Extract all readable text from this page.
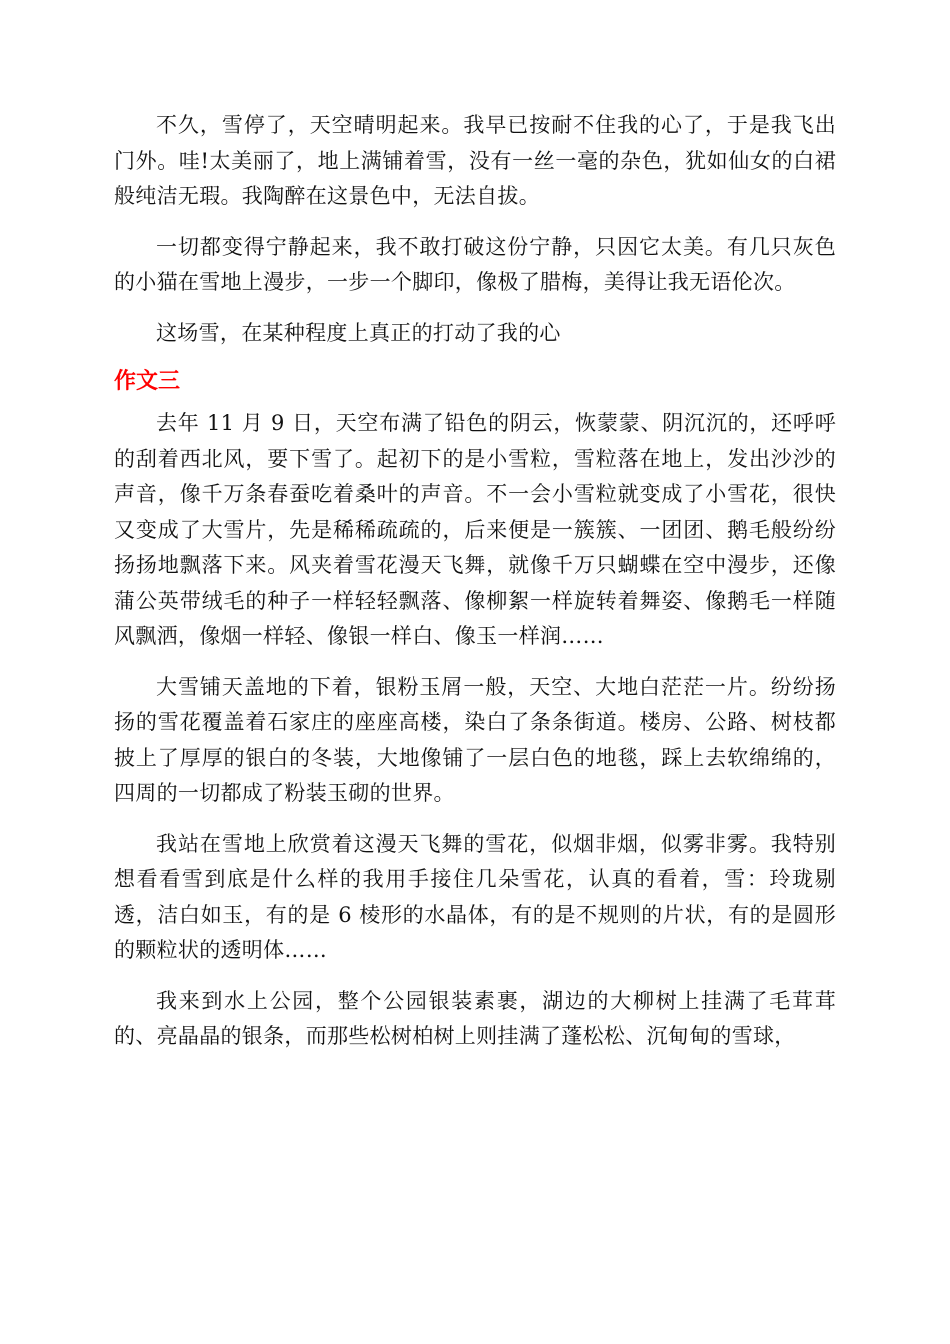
不久，雪停了，天空晴明起来。我早已按耐不住我的心了，于是我飞出门外。哇!太美丽了，地上满铺着雪，没有一丝一毫的杂色，犹如仙女的白裙般纯洁无瑕。我陶醉在这景色中，无法自拔。

一切都变得宁静起来，我不敢打破这份宁静，只因它太美。有几只灰色的小猫在雪地上漫步，一步一个脚印，像极了腊梅，美得让我无语伦次。

这场雪，在某种程度上真正的打动了我的心

作文三

去年 11 月 9 日，天空布满了铅色的阴云，恢蒙蒙、阴沉沉的，还呼呼的刮着西北风，要下雪了。起初下的是小雪粒，雪粒落在地上，发出沙沙的声音，像千万条春蚕吃着桑叶的声音。不一会小雪粒就变成了小雪花，很快又变成了大雪片，先是稀稀疏疏的，后来便是一簇簇、一团团、鹅毛般纷纷扬扬地飘落下来。风夹着雪花漫天飞舞，就像千万只蝴蝶在空中漫步，还像蒲公英带绒毛的种子一样轻轻飘落、像柳絮一样旋转着舞姿、像鹅毛一样随风飘洒，像烟一样轻、像银一样白、像玉一样润……

大雪铺天盖地的下着，银粉玉屑一般，天空、大地白茫茫一片。纷纷扬扬的雪花覆盖着石家庄的座座高楼，染白了条条街道。楼房、公路、树枝都披上了厚厚的银白的冬装，大地像铺了一层白色的地毯，踩上去软绵绵的，四周的一切都成了粉装玉砌的世界。

我站在雪地上欣赏着这漫天飞舞的雪花，似烟非烟，似雾非雾。我特别想看看雪到底是什么样的我用手接住几朵雪花，认真的看着，雪：玲珑剔透，洁白如玉，有的是 6 棱形的水晶体，有的是不规则的片状，有的是圆形的颗粒状的透明体……

我来到水上公园，整个公园银装素裹，湖边的大柳树上挂满了毛茸茸的、亮晶晶的银条，而那些松树柏树上则挂满了蓬松松、沉甸甸的雪球，
